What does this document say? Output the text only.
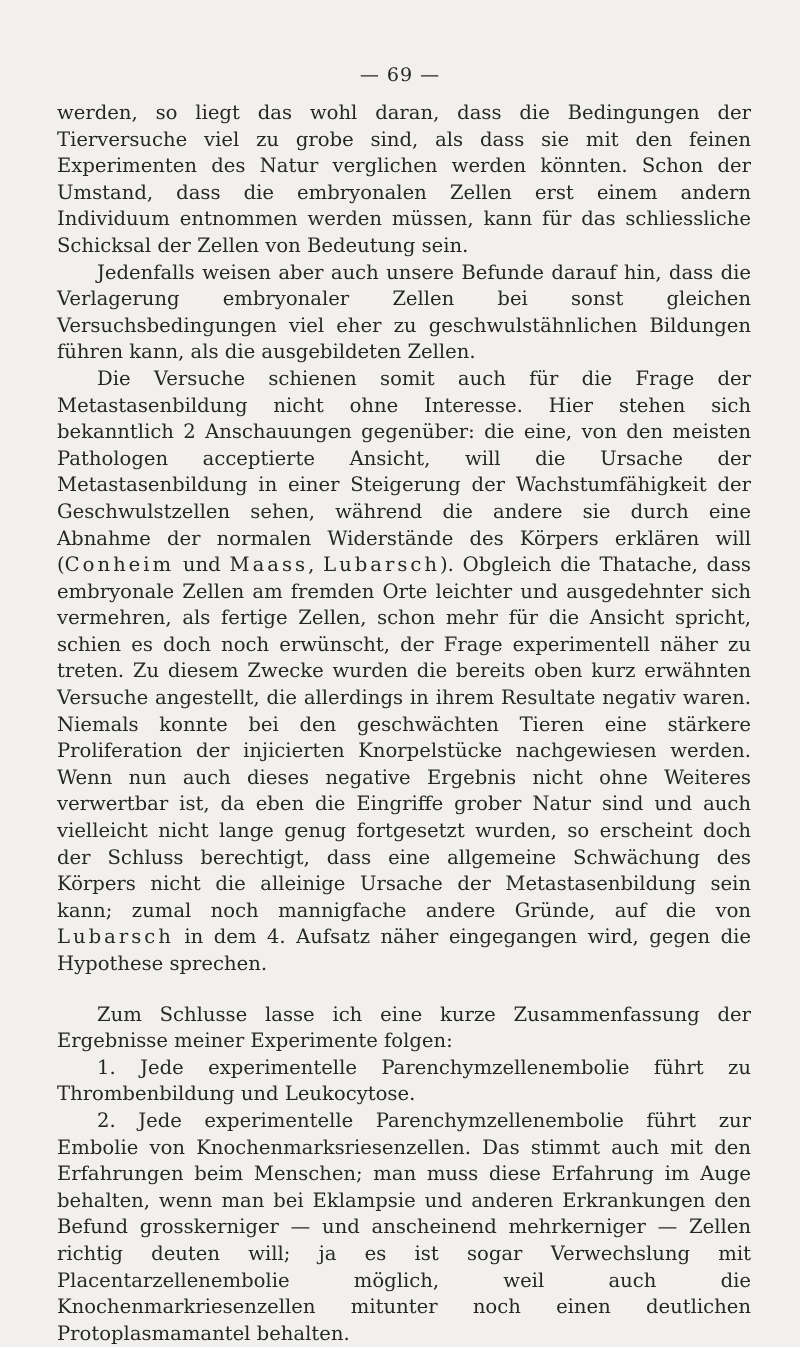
— 69 —

werden, so liegt das wohl daran, dass die Bedingungen der Tierversuche viel zu grobe sind, als dass sie mit den feinen Experimenten des Natur verglichen werden könnten. Schon der Umstand, dass die embryonalen Zellen erst einem andern Individuum entnommen werden müssen, kann für das schliessliche Schicksal der Zellen von Bedeutung sein.

Jedenfalls weisen aber auch unsere Befunde darauf hin, dass die Verlagerung embryonaler Zellen bei sonst gleichen Versuchsbedingungen viel eher zu geschwulstähnlichen Bildungen führen kann, als die ausgebildeten Zellen.

Die Versuche schienen somit auch für die Frage der Metastasenbildung nicht ohne Interesse. Hier stehen sich bekanntlich 2 Anschauungen gegenüber: die eine, von den meisten Pathologen acceptierte Ansicht, will die Ursache der Metastasenbildung in einer Steigerung der Wachstumfähigkeit der Geschwulstzellen sehen, während die andere sie durch eine Abnahme der normalen Widerstände des Körpers erklären will (Conheim und Maass, Lubarsch). Obgleich die Thatache, dass embryonale Zellen am fremden Orte leichter und ausgedehnter sich vermehren, als fertige Zellen, schon mehr für die Ansicht spricht, schien es doch noch erwünscht, der Frage experimentell näher zu treten. Zu diesem Zwecke wurden die bereits oben kurz erwähnten Versuche angestellt, die allerdings in ihrem Resultate negativ waren. Niemals konnte bei den geschwächten Tieren eine stärkere Proliferation der injicierten Knorpelstücke nachgewiesen werden. Wenn nun auch dieses negative Ergebnis nicht ohne Weiteres verwertbar ist, da eben die Eingriffe grober Natur sind und auch vielleicht nicht lange genug fortgesetzt wurden, so erscheint doch der Schluss berechtigt, dass eine allgemeine Schwächung des Körpers nicht die alleinige Ursache der Metastasenbildung sein kann; zumal noch mannigfache andere Gründe, auf die von Lubarsch in dem 4. Aufsatz näher eingegangen wird, gegen die Hypothese sprechen.

Zum Schlusse lasse ich eine kurze Zusammenfassung der Ergebnisse meiner Experimente folgen:

1. Jede experimentelle Parenchymzellenembolie führt zu Thrombenbildung und Leukocytose.

2. Jede experimentelle Parenchymzellenembolie führt zur Embolie von Knochenmarksriesenzellen. Das stimmt auch mit den Erfahrungen beim Menschen; man muss diese Erfahrung im Auge behalten, wenn man bei Eklampsie und anderen Erkrankungen den Befund grosskerniger — und anscheinend mehrkerniger — Zellen richtig deuten will; ja es ist sogar Verwechslung mit Placentarzellenembolie möglich, weil auch die Knochenmarkriesenzellen mitunter noch einen deutlichen Protoplasmamantel behalten.
